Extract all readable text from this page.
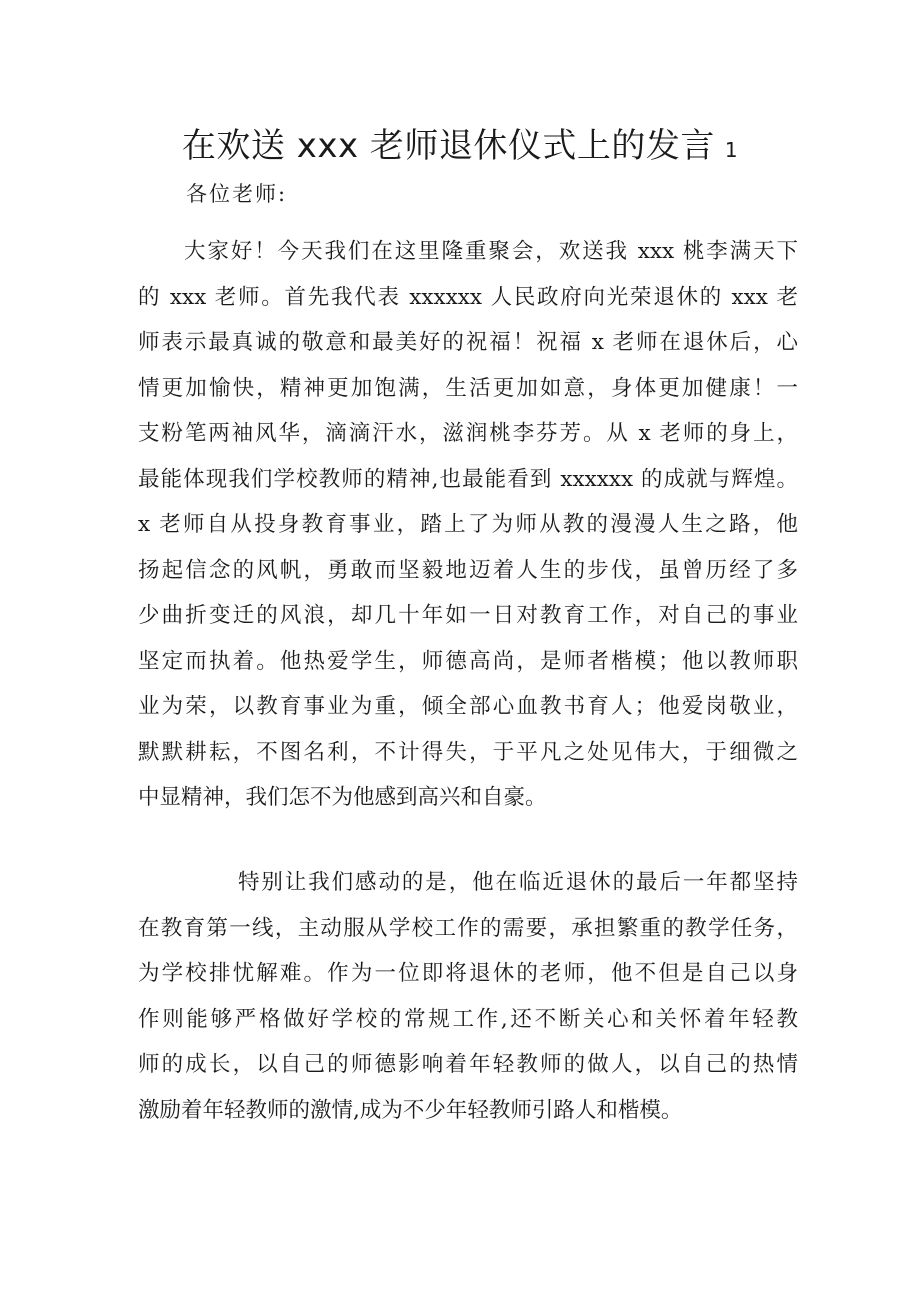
在欢送 xxx 老师退休仪式上的发言 1
各位老师:
大家好！今天我们在这里隆重聚会，欢送我 xxx 桃李满天下
的 xxx 老师。首先我代表 xxxxxx 人民政府向光荣退休的 xxx 老
师表示最真诚的敬意和最美好的祝福！祝福 x 老师在退休后，心
情更加愉快，精神更加饱满，生活更加如意，身体更加健康！一
支粉笔两袖风华，滴滴汗水，滋润桃李芬芳。从 x 老师的身上，
最能体现我们学校教师的精神,也最能看到 xxxxxx 的成就与辉煌。
x 老师自从投身教育事业，踏上了为师从教的漫漫人生之路，他
扬起信念的风帆，勇敢而坚毅地迈着人生的步伐，虽曾历经了多
少曲折变迁的风浪，却几十年如一日对教育工作，对自己的事业
坚定而执着。他热爱学生，师德高尚，是师者楷模；他以教师职
业为荣，以教育事业为重，倾全部心血教书育人；他爱岗敬业，
默默耕耘，不图名利，不计得失，于平凡之处见伟大，于细微之
中显精神，我们怎不为他感到高兴和自豪。
特别让我们感动的是，他在临近退休的最后一年都坚持
在教育第一线，主动服从学校工作的需要，承担繁重的教学任务，
为学校排忧解难。作为一位即将退休的老师，他不但是自己以身
作则能够严格做好学校的常规工作,还不断关心和关怀着年轻教
师的成长，以自己的师德影响着年轻教师的做人，以自己的热情
激励着年轻教师的激情,成为不少年轻教师引路人和楷模。
